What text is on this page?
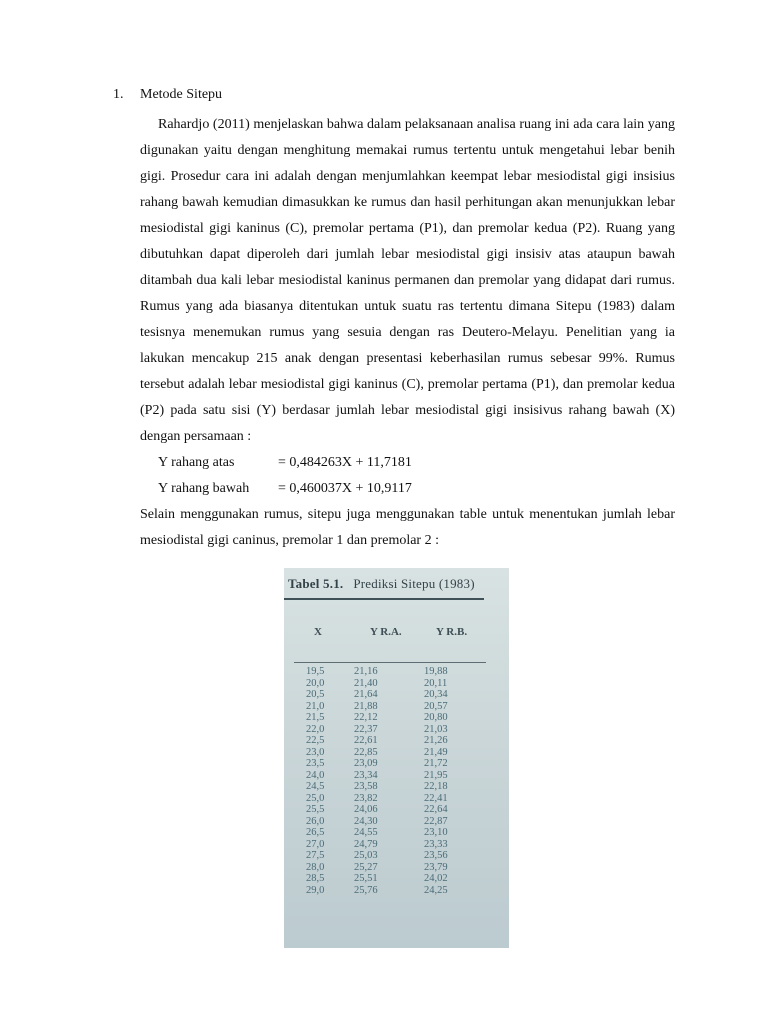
1. Metode Sitepu

Rahardjo (2011) menjelaskan bahwa dalam pelaksanaan analisa ruang ini ada cara lain yang digunakan yaitu dengan menghitung memakai rumus tertentu untuk mengetahui lebar benih gigi. Prosedur cara ini adalah dengan menjumlahkan keempat lebar mesiodistal gigi insisius rahang bawah kemudian dimasukkan ke rumus dan hasil perhitungan akan menunjukkan lebar mesiodistal gigi kaninus (C), premolar pertama (P1), dan premolar kedua (P2). Ruang yang dibutuhkan dapat diperoleh dari jumlah lebar mesiodistal gigi insisiv atas ataupun bawah ditambah dua kali lebar mesiodistal kaninus permanen dan premolar yang didapat dari rumus. Rumus yang ada biasanya ditentukan untuk suatu ras tertentu dimana Sitepu (1983) dalam tesisnya menemukan rumus yang sesuia dengan ras Deutero-Melayu. Penelitian yang ia lakukan mencakup 215 anak dengan presentasi keberhasilan rumus sebesar 99%. Rumus tersebut adalah lebar mesiodistal gigi kaninus (C), premolar pertama (P1), dan premolar kedua (P2) pada satu sisi (Y) berdasar jumlah lebar mesiodistal gigi insisivus rahang bawah (X) dengan persamaan :

Y rahang atas	= 0,484263X + 11,7181
Y rahang bawah	= 0,460037X + 10,9117

Selain menggunakan rumus, sitepu juga menggunakan table untuk menentukan jumlah lebar mesiodistal gigi caninus, premolar 1 dan premolar 2 :

Tabel 5.1. Prediksi Sitepu (1983)
X	Y R.A.	Y R.B.
19,5	21,16	19,88
20,0	21,40	20,11
20,5	21,64	20,34
21,0	21,88	20,57
21,5	22,12	20,80
22,0	22,37	21,03
22,5	22,61	21,26
23,0	22,85	21,49
23,5	23,09	21,72
24,0	23,34	21,95
24,5	23,58	22,18
25,0	23,82	22,41
25,5	24,06	22,64
26,0	24,30	22,87
26,5	24,55	23,10
27,0	24,79	23,33
27,5	25,03	23,56
28,0	25,27	23,79
28,5	25,51	24,02
29,0	25,76	24,25
